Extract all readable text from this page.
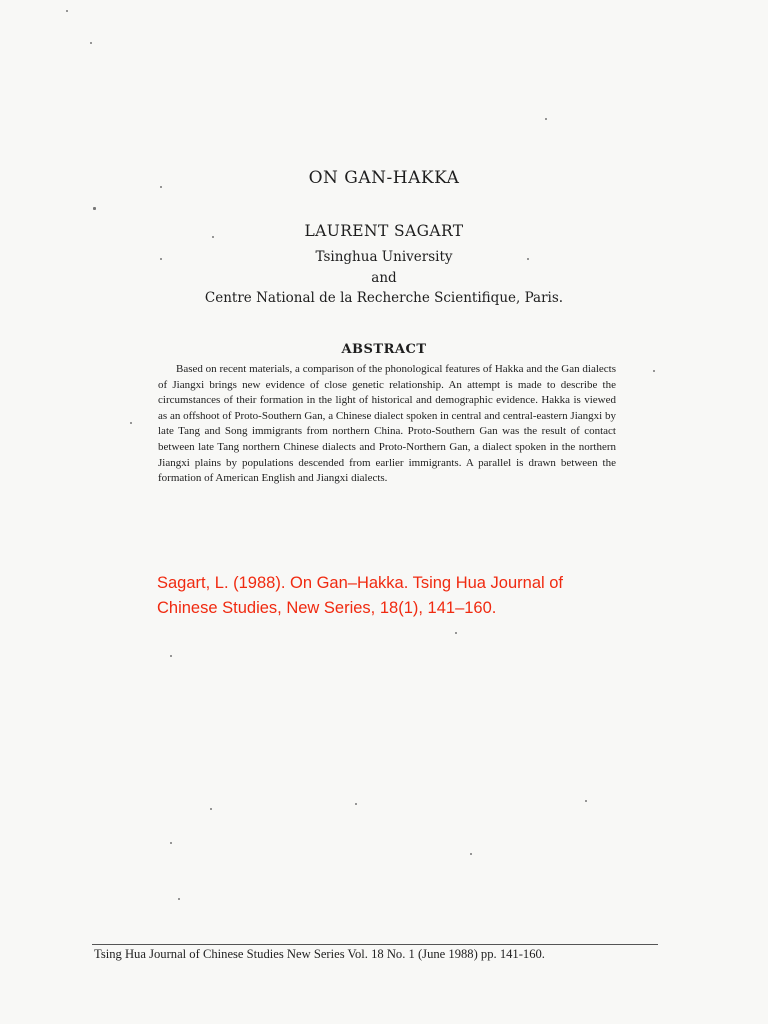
ON GAN-HAKKA
LAURENT SAGART
Tsinghua University
and
Centre National de la Recherche Scientifique, Paris.
ABSTRACT
Based on recent materials, a comparison of the phonological features of Hakka and the Gan dialects of Jiangxi brings new evidence of close genetic relationship. An attempt is made to describe the circumstances of their formation in the light of historical and demographic evidence. Hakka is viewed as an offshoot of Proto-Southern Gan, a Chinese dialect spoken in central and central-eastern Jiangxi by late Tang and Song immigrants from northern China. Proto-Southern Gan was the result of contact between late Tang northern Chinese dialects and Proto-Northern Gan, a dialect spoken in the northern Jiangxi plains by populations descended from earlier immigrants. A parallel is drawn between the formation of American English and Jiangxi dialects.
Sagart, L. (1988). On Gan–Hakka. Tsing Hua Journal of Chinese Studies, New Series, 18(1), 141–160.
Tsing Hua Journal of Chinese Studies New Series Vol. 18 No. 1 (June 1988) pp. 141-160.
